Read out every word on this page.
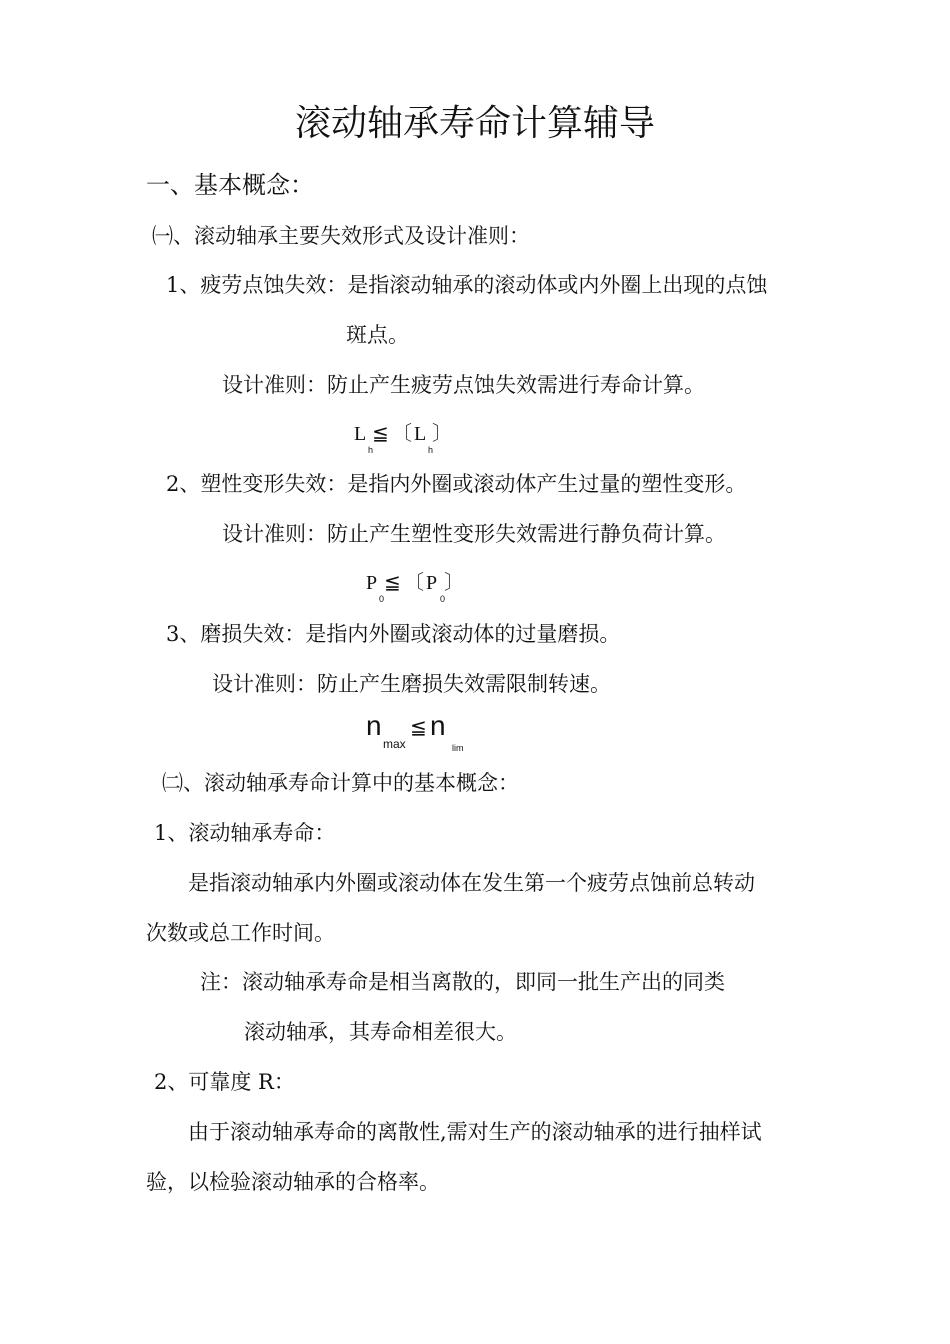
滚动轴承寿命计算辅导
一、基本概念：
㈠、滚动轴承主要失效形式及设计准则：
1、疲劳点蚀失效：是指滚动轴承的滚动体或内外圈上出现的点蚀
斑点。
设计准则：防止产生疲劳点蚀失效需进行寿命计算。
L
h
≦ 〔 L
h
〕
2、塑性变形失效：是指内外圈或滚动体产生过量的塑性变形。
设计准则：防止产生塑性变形失效需进行静负荷计算。
P
0
≦ 〔 P
0
〕
3、磨损失效：是指内外圈或滚动体的过量磨损。
设计准则：防止产生磨损失效需限制转速。
n
max
≦ n
lim
㈡、滚动轴承寿命计算中的基本概念：
1、滚动轴承寿命：
是指滚动轴承内外圈或滚动体在发生第一个疲劳点蚀前总转动
次数或总工作时间。
注：滚动轴承寿命是相当离散的，即同一批生产出的同类
滚动轴承，其寿命相差很大。
2、可靠度 R：
由于滚动轴承寿命的离散性,需对生产的滚动轴承的进行抽样试
验，以检验滚动轴承的合格率。
